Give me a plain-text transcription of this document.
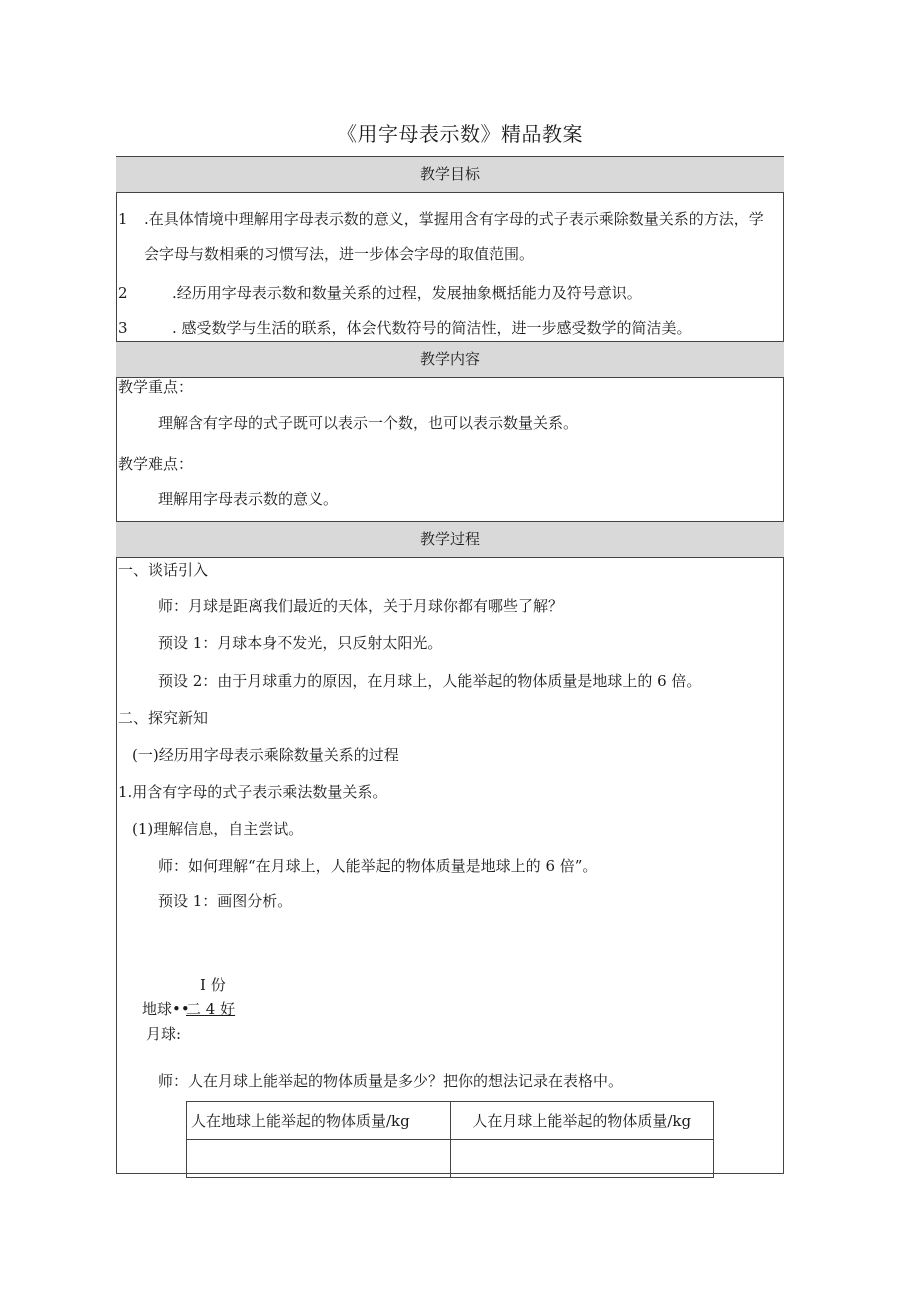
《用字母表示数》精品教案
教学目标
1 .在具体情境中理解用字母表示数的意义，掌握用含有字母的式子表示乘除数量关系的方法，学
会字母与数相乘的习惯写法，进一步体会字母的取值范围。
2	.经历用字母表示数和数量关系的过程，发展抽象概括能力及符号意识。
3	. 感受数学与生活的联系，体会代数符号的简洁性，进一步感受数学的简洁美。
教学内容
教学重点：
理解含有字母的式子既可以表示一个数，也可以表示数量关系。
教学难点：
理解用字母表示数的意义。
教学过程
一、谈话引入
师：月球是距离我们最近的天体，关于月球你都有哪些了解？
预设 1：月球本身不发光，只反射太阳光。
预设 2：由于月球重力的原因，在月球上，人能举起的物体质量是地球上的 6 倍。
二、探究新知
(一)经历用字母表示乘除数量关系的过程
1.用含有字母的式子表示乘法数量关系。
(1)理解信息，自主尝试。
师：如何理解“在月球上，人能举起的物体质量是地球上的 6 倍”。
预设 1：画图分析。
I 份
地球••
二 4 好
月球:
师：人在月球上能举起的物体质量是多少？把你的想法记录在表格中。
人在地球上能举起的物体质量/kg	人在月球上能举起的物体质量/kg
